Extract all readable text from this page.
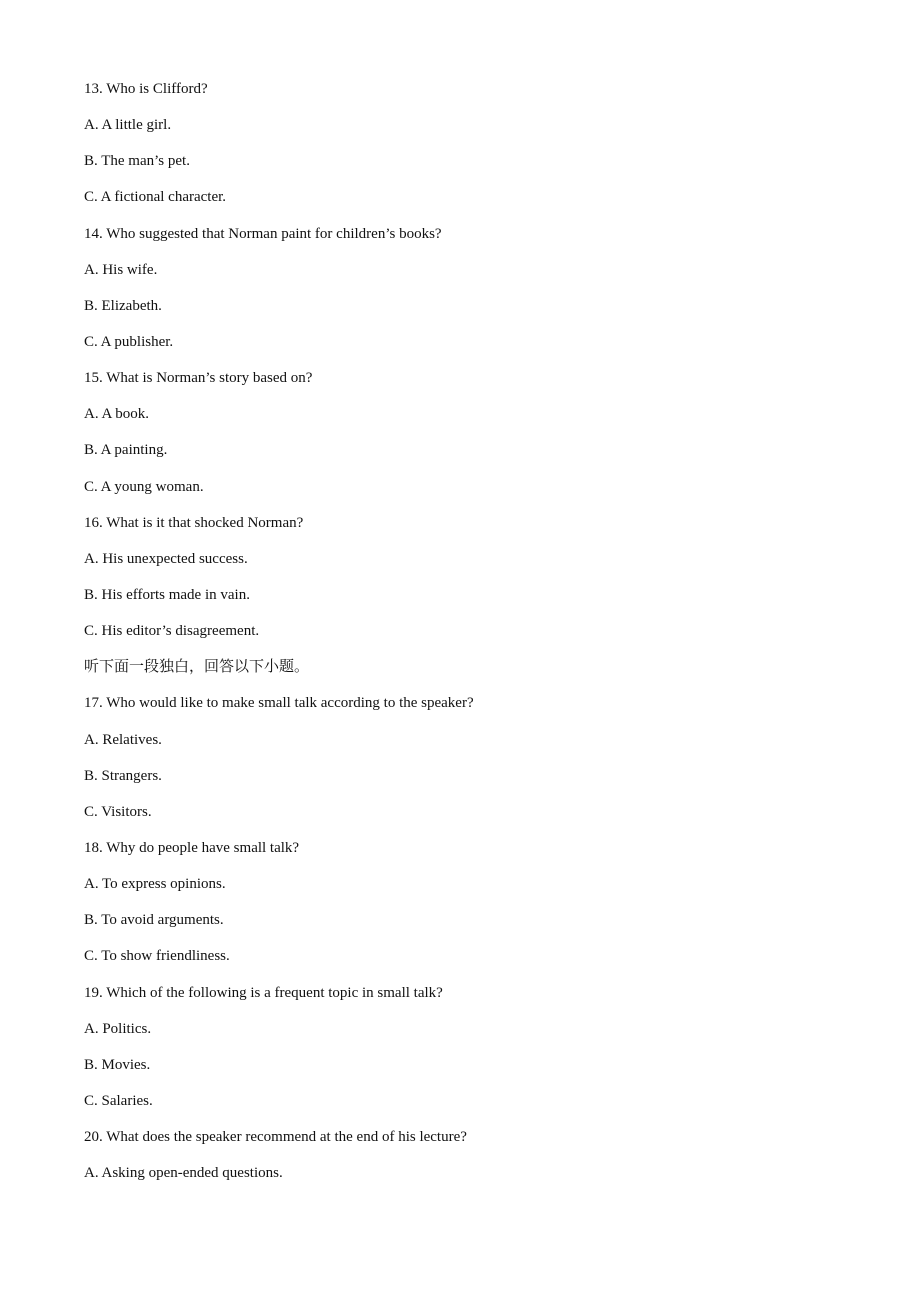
13. Who is Clifford?
A. A little girl.
B. The man’s pet.
C. A fictional character.
14. Who suggested that Norman paint for children’s books?
A. His wife.
B. Elizabeth.
C. A publisher.
15. What is Norman’s story based on?
A. A book.
B. A painting.
C. A young woman.
16. What is it that shocked Norman?
A. His unexpected success.
B. His efforts made in vain.
C. His editor’s disagreement.
听下面一段独白，回答以下小题。
17. Who would like to make small talk according to the speaker?
A. Relatives.
B. Strangers.
C. Visitors.
18. Why do people have small talk?
A. To express opinions.
B. To avoid arguments.
C. To show friendliness.
19. Which of the following is a frequent topic in small talk?
A. Politics.
B. Movies.
C. Salaries.
20. What does the speaker recommend at the end of his lecture?
A. Asking open-ended questions.
